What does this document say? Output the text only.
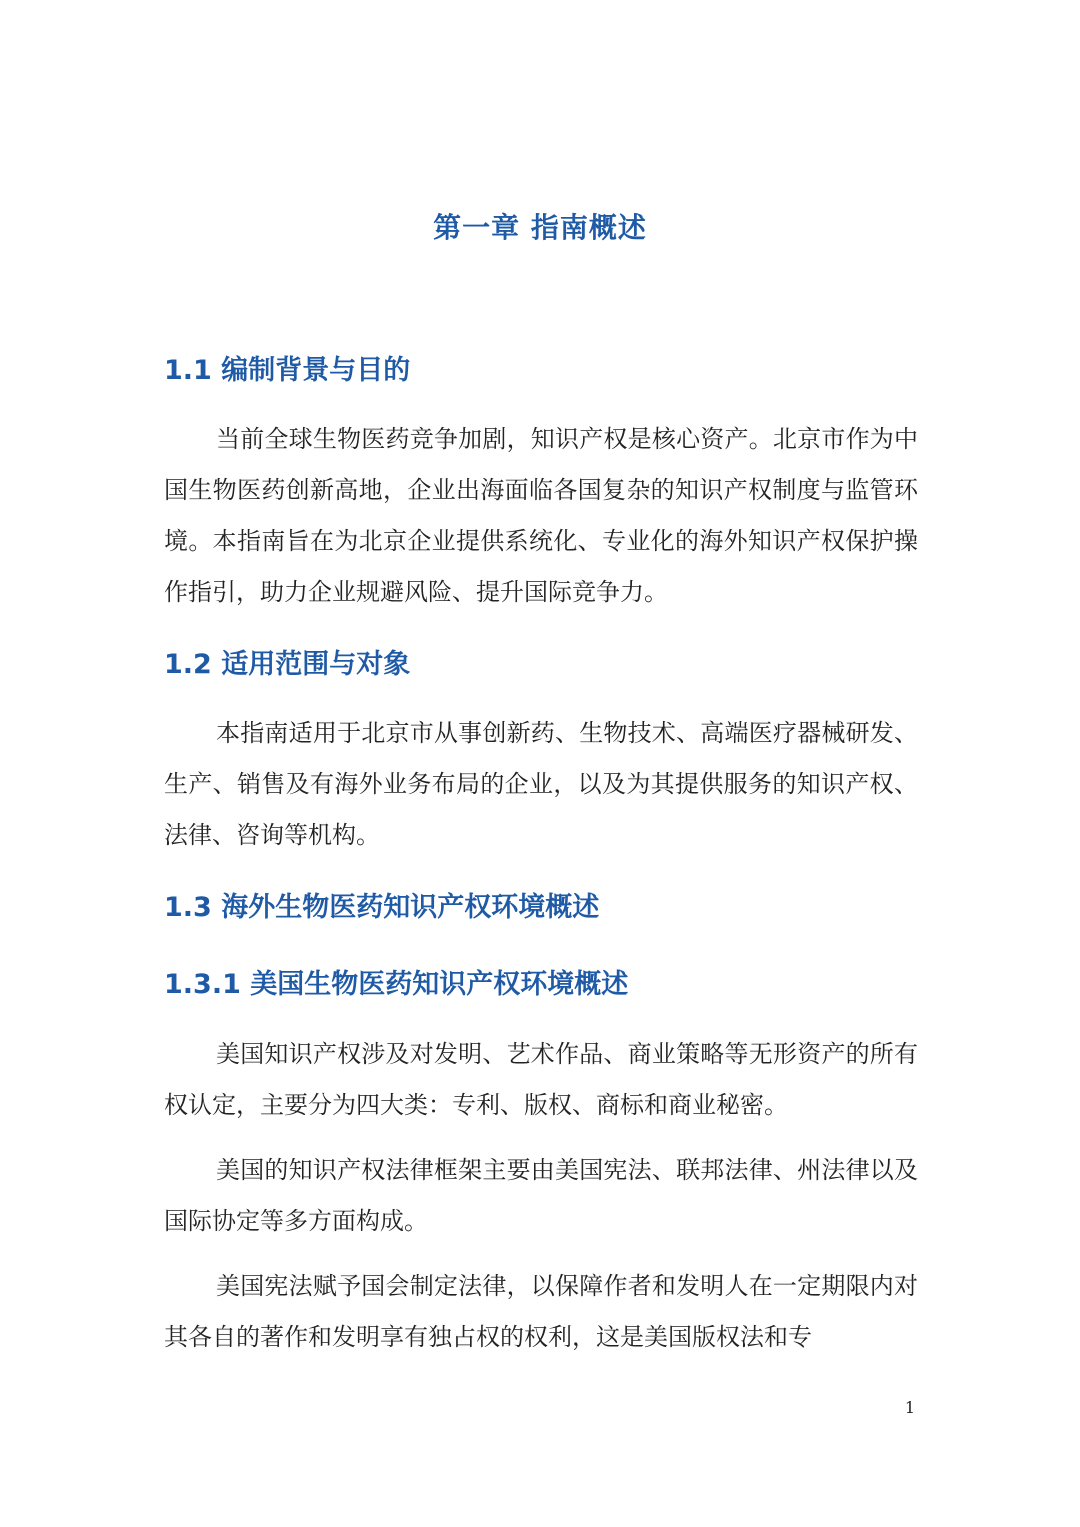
第一章 指南概述
1.1 编制背景与目的

当前全球生物医药竞争加剧，知识产权是核心资产。北京市作为中国生物医药创新高地，企业出海面临各国复杂的知识产权制度与监管环境。本指南旨在为北京企业提供系统化、专业化的海外知识产权保护操作指引，助力企业规避风险、提升国际竞争力。

1.2 适用范围与对象

本指南适用于北京市从事创新药、生物技术、高端医疗器械研发、生产、销售及有海外业务布局的企业，以及为其提供服务的知识产权、法律、咨询等机构。

1.3 海外生物医药知识产权环境概述
1.3.1 美国生物医药知识产权环境概述

美国知识产权涉及对发明、艺术作品、商业策略等无形资产的所有权认定，主要分为四大类：专利、版权、商标和商业秘密。

美国的知识产权法律框架主要由美国宪法、联邦法律、州法律以及国际协定等多方面构成。

美国宪法赋予国会制定法律，以保障作者和发明人在一定期限内对其各自的著作和发明享有独占权的权利，这是美国版权法和专

1
